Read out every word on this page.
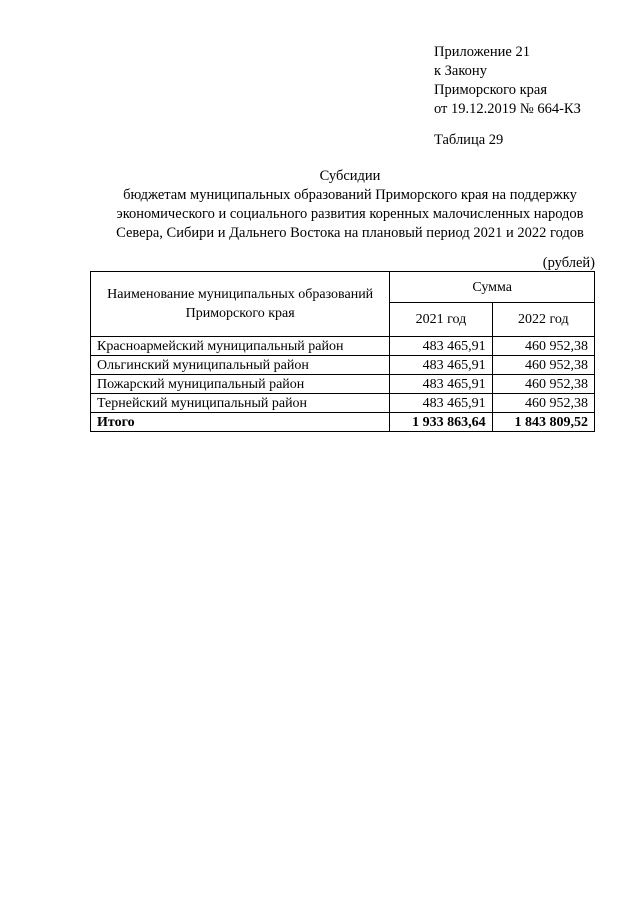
Приложение 21
к Закону
Приморского края
от 19.12.2019 № 664-КЗ
Таблица 29
Субсидии
бюджетам муниципальных образований Приморского края на поддержку
экономического и социального развития коренных малочисленных народов
Севера, Сибири и Дальнего Востока на плановый период 2021 и 2022 годов
(рублей)
Наименование муниципальных образований Приморского края	Сумма	
	2021 год	2022 год
Красноармейский муниципальный район	483 465,91	460 952,38
Ольгинский муниципальный район	483 465,91	460 952,38
Пожарский муниципальный район	483 465,91	460 952,38
Тернейский муниципальный район	483 465,91	460 952,38
Итого	1 933 863,64	1 843 809,52
